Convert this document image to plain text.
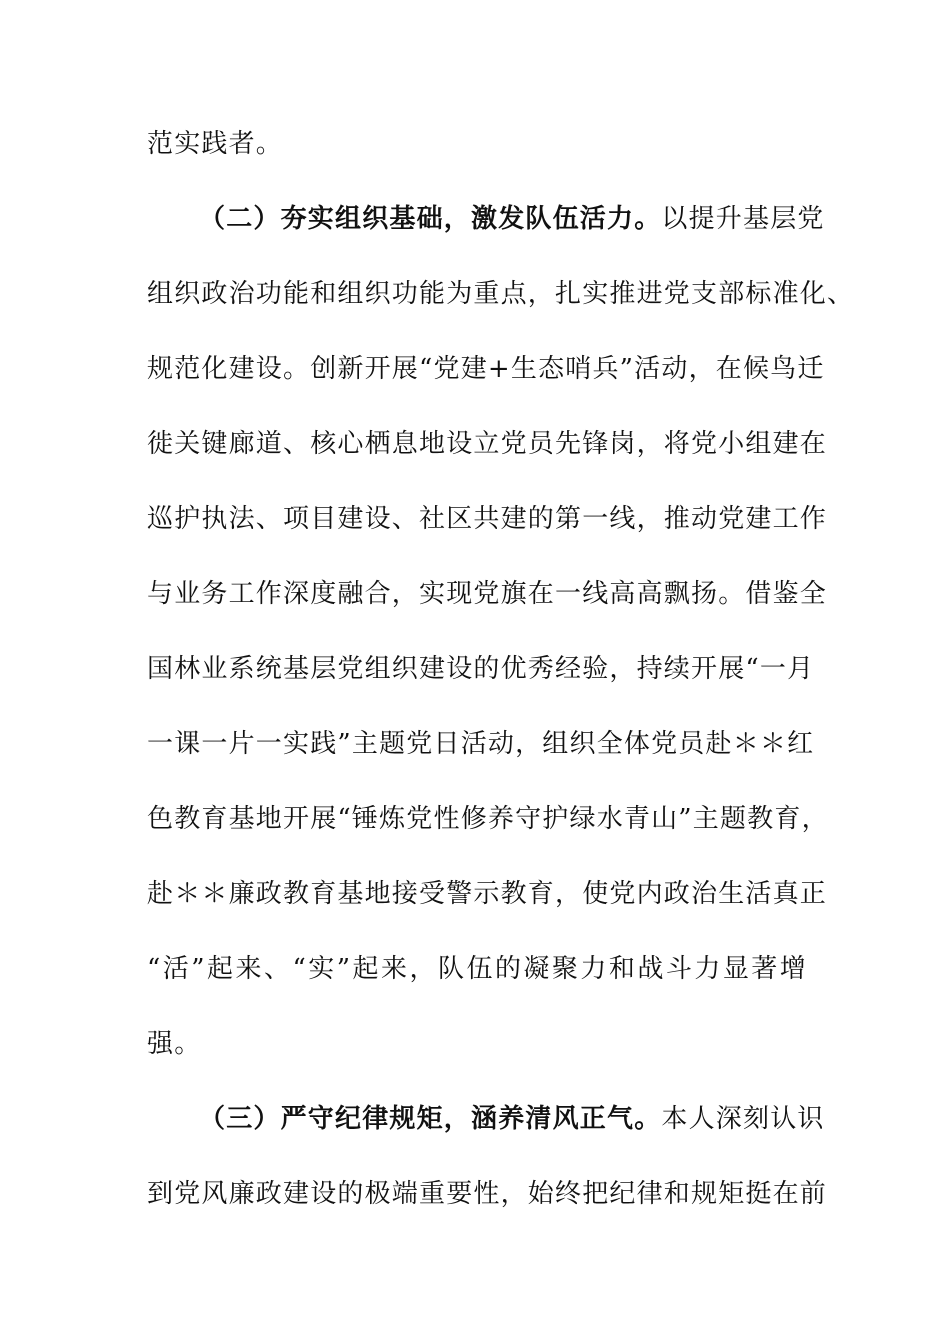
范实践者。
（二）夯实组织基础，激发队伍活力。以提升基层党
组织政治功能和组织功能为重点，扎实推进党支部标准化、
规范化建设。创新开展“党建+生态哨兵”活动，在候鸟迁
徙关键廊道、核心栖息地设立党员先锋岗，将党小组建在
巡护执法、项目建设、社区共建的第一线，推动党建工作
与业务工作深度融合，实现党旗在一线高高飘扬。借鉴全
国林业系统基层党组织建设的优秀经验，持续开展“一月
一课一片一实践”主题党日活动，组织全体党员赴＊＊红
色教育基地开展“锤炼党性修养守护绿水青山”主题教育，
赴＊＊廉政教育基地接受警示教育，使党内政治生活真正
“活”起来、“实”起来，队伍的凝聚力和战斗力显著增
强。
（三）严守纪律规矩，涵养清风正气。本人深刻认识
到党风廉政建设的极端重要性，始终把纪律和规矩挺在前
